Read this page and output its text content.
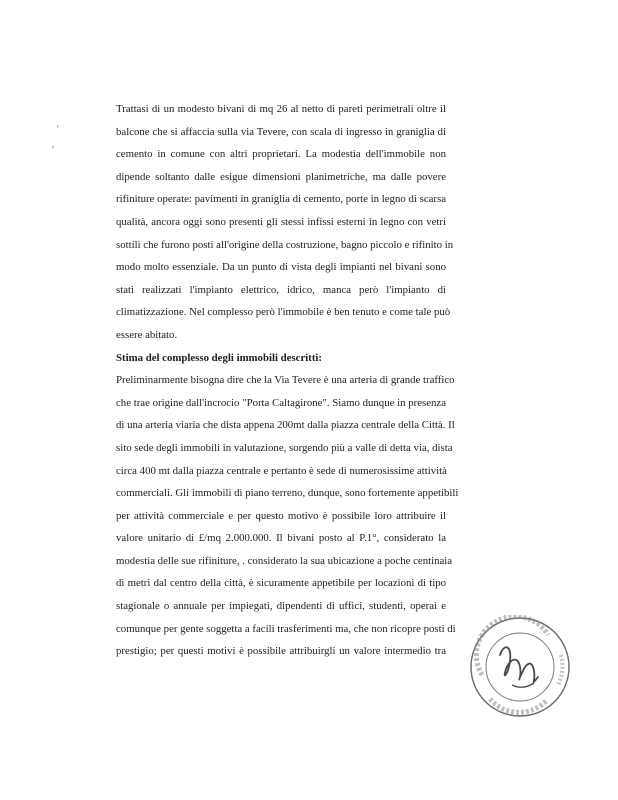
Trattasi di un modesto bivani di mq 26 al netto di pareti perimetrali oltre il
balcone che si affaccia sulla via Tevere, con scala di ingresso in graniglia di
cemento in comune con altri proprietari. La modestia dell'immobile non
dipende soltanto dalle esigue dimensioni planimetriche, ma dalle povere
rifiniture operate: pavimenti in graniglia di cemento, porte in legno di scarsa
qualità, ancora oggi sono presenti gli stessi infissi esterni in legno con vetri
sottili che furono posti all'origine della costruzione, bagno piccolo e rifinito in
modo molto essenziale. Da un punto di vista degli impianti nel bivani sono
stati realizzati l'impianto elettrico, idrico, manca però l'impianto di
climatizzazione. Nel complesso però l'immobile è ben tenuto e come tale può
essere abitato.
Stima del complesso degli immobili descritti:
Preliminarmente bisogna dire che la Via Tevere è una arteria di grande traffico
che trae origine dall'incrocio "Porta Caltagirone". Siamo dunque in presenza
di una arteria viaria che dista appena 200mt dalla piazza centrale della Città. Il
sito sede degli immobili in valutazione, sorgendo più a valle di detta via, dista
circa 400 mt dalla piazza centrale e pertanto è sede di numerosissime attività
commerciali. Gli immobili di piano terreno, dunque, sono fortemente appetibili
per attività commerciale e per questo motivo è possibile loro attribuire il
valore unitario di £/mq 2.000.000. Il bivani posto al P.1°, considerato la
modestia delle sue rifiniture, . considerato la sua ubicazione a poche centinaia
di metri dal centro della città, è sicuramente appetibile per locazioni di tipo
stagionale o annuale per impiegati, dipendenti di uffici, studenti, operai e
comunque per gente soggetta a facili trasferimenti ma, che non ricopre posti di
prestigio; per questi motivi è possibile attribuirgli un valore intermedio tra
'
,
